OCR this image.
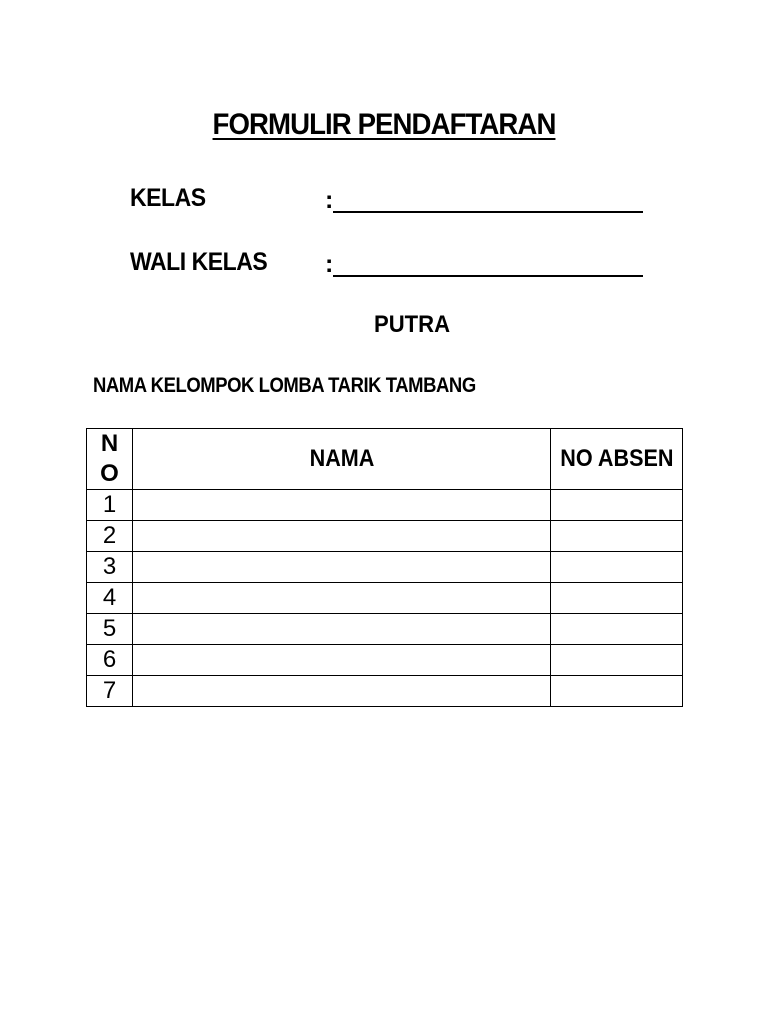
FORMULIR PENDAFTARAN
KELAS	:
WALI KELAS :
PUTRA
NAMA KELOMPOK LOMBA TARIK TAMBANG
N
O	NAMA	NO ABSEN
1		
2		
3		
4		
5		
6		
7		
